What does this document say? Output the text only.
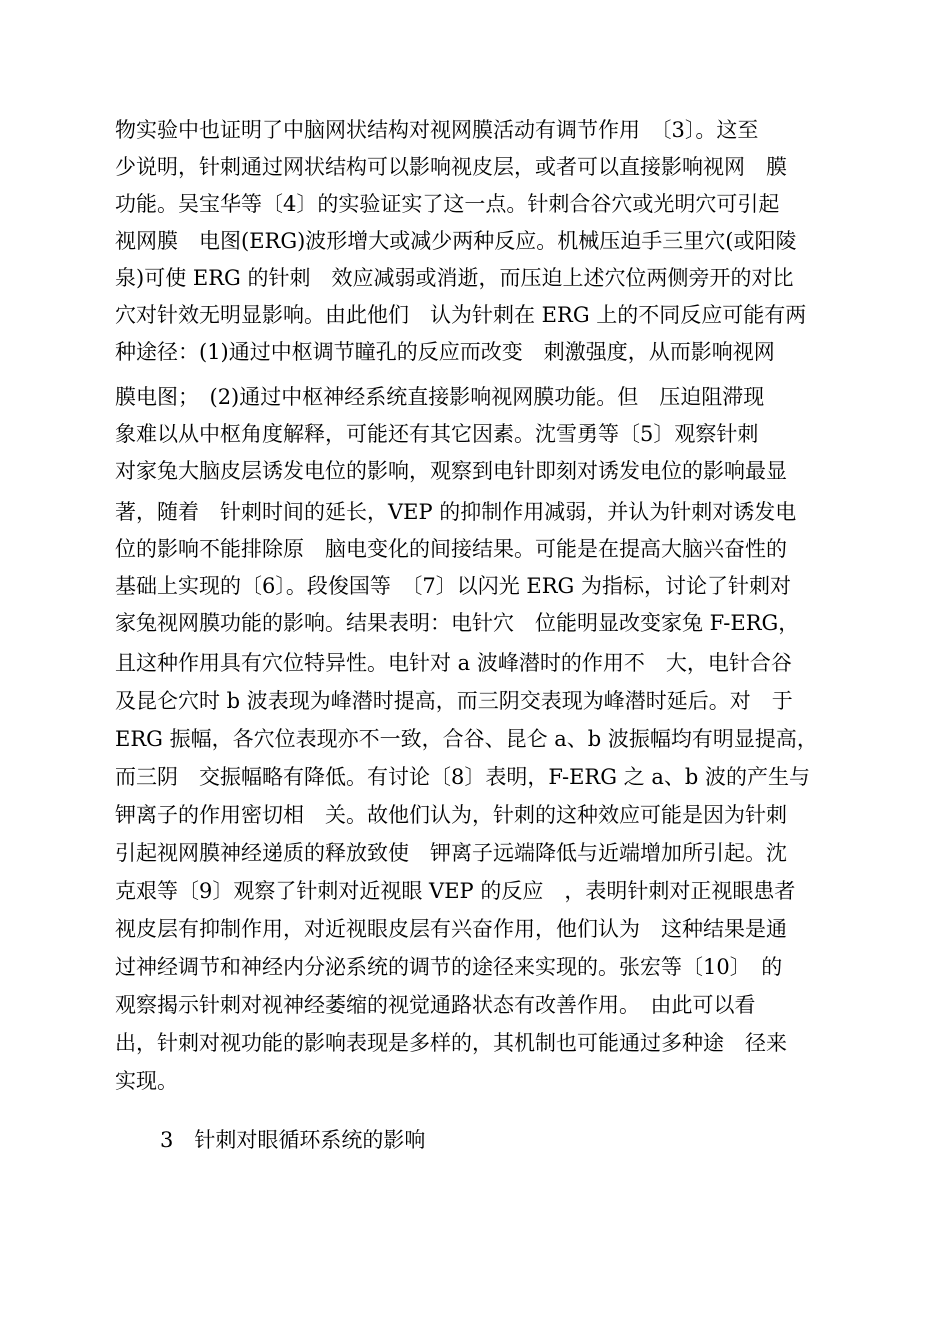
物实验中也证明了中脑网状结构对视网膜活动有调节作用　〔3〕。这至
少说明，针刺通过网状结构可以影响视皮层，或者可以直接影响视网　膜
功能。吴宝华等〔4〕的实验证实了这一点。针刺合谷穴或光明穴可引起
视网膜　电图(ERG)波形增大或减少两种反应。机械压迫手三里穴(或阳陵
泉)可使 ERG 的针刺　效应减弱或消逝，而压迫上述穴位两侧旁开的对比
穴对针效无明显影响。由此他们　认为针刺在 ERG 上的不同反应可能有两
种途径：(1)通过中枢调节瞳孔的反应而改变　刺激强度，从而影响视网
膜电图；　(2)通过中枢神经系统直接影响视网膜功能。但　压迫阻滞现
象难以从中枢角度解释，可能还有其它因素。沈雪勇等〔5〕观察针刺
对家兔大脑皮层诱发电位的影响，观察到电针即刻对诱发电位的影响最显
著，随着　针刺时间的延长，VEP 的抑制作用减弱，并认为针刺对诱发电
位的影响不能排除原　脑电变化的间接结果。可能是在提高大脑兴奋性的
基础上实现的〔6〕。段俊国等　〔7〕以闪光 ERG 为指标，讨论了针刺对
家兔视网膜功能的影响。结果表明：电针穴　位能明显改变家兔 F-ERG，
且这种作用具有穴位特异性。电针对 a 波峰潜时的作用不　大，电针合谷
及昆仑穴时 b 波表现为峰潜时提高，而三阴交表现为峰潜时延后。对　于
ERG 振幅，各穴位表现亦不一致，合谷、昆仑 a、b 波振幅均有明显提高，
而三阴　交振幅略有降低。有讨论〔8〕表明，F-ERG 之 a、b 波的产生与
钾离子的作用密切相　关。故他们认为，针刺的这种效应可能是因为针刺
引起视网膜神经递质的释放致使　钾离子远端降低与近端增加所引起。沈
克艰等〔9〕观察了针刺对近视眼 VEP 的反应　，表明针刺对正视眼患者
视皮层有抑制作用，对近视眼皮层有兴奋作用，他们认为　这种结果是通
过神经调节和神经内分泌系统的调节的途径来实现的。张宏等〔10〕　的
观察揭示针刺对视神经萎缩的视觉通路状态有改善作用。　由此可以看
出，针刺对视功能的影响表现是多样的，其机制也可能通过多种途　径来
实现。
3　针刺对眼循环系统的影响
